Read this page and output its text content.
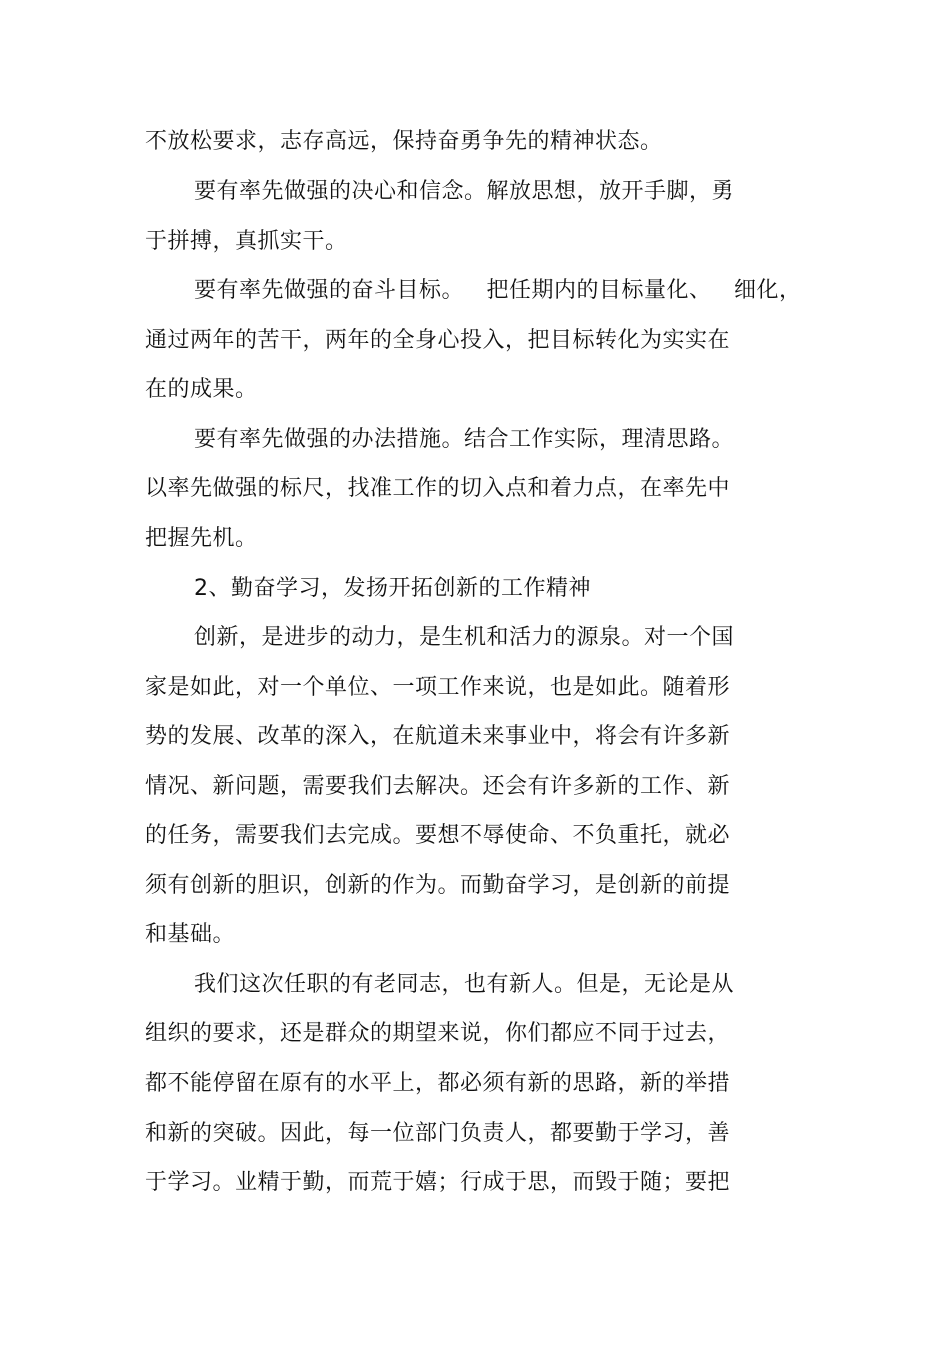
不放松要求，志存高远，保持奋勇争先的精神状态。
要有率先做强的决心和信念。解放思想，放开手脚，勇
于拼搏，真抓实干。
要有率先做强的奋斗目标。   把任期内的目标量化、   细化，
通过两年的苦干，两年的全身心投入，把目标转化为实实在
在的成果。
要有率先做强的办法措施。结合工作实际，理清思路。
以率先做强的标尺，找准工作的切入点和着力点，在率先中
把握先机。
2、勤奋学习，发扬开拓创新的工作精神
创新，是进步的动力，是生机和活力的源泉。对一个国
家是如此，对一个单位、一项工作来说，也是如此。随着形
势的发展、改革的深入，在航道未来事业中，将会有许多新
情况、新问题，需要我们去解决。还会有许多新的工作、新
的任务，需要我们去完成。要想不辱使命、不负重托，就必
须有创新的胆识，创新的作为。而勤奋学习，是创新的前提
和基础。
我们这次任职的有老同志，也有新人。但是，无论是从
组织的要求，还是群众的期望来说，你们都应不同于过去，
都不能停留在原有的水平上，都必须有新的思路，新的举措
和新的突破。因此，每一位部门负责人，都要勤于学习，善
于学习。业精于勤，而荒于嬉；行成于思，而毁于随；要把
